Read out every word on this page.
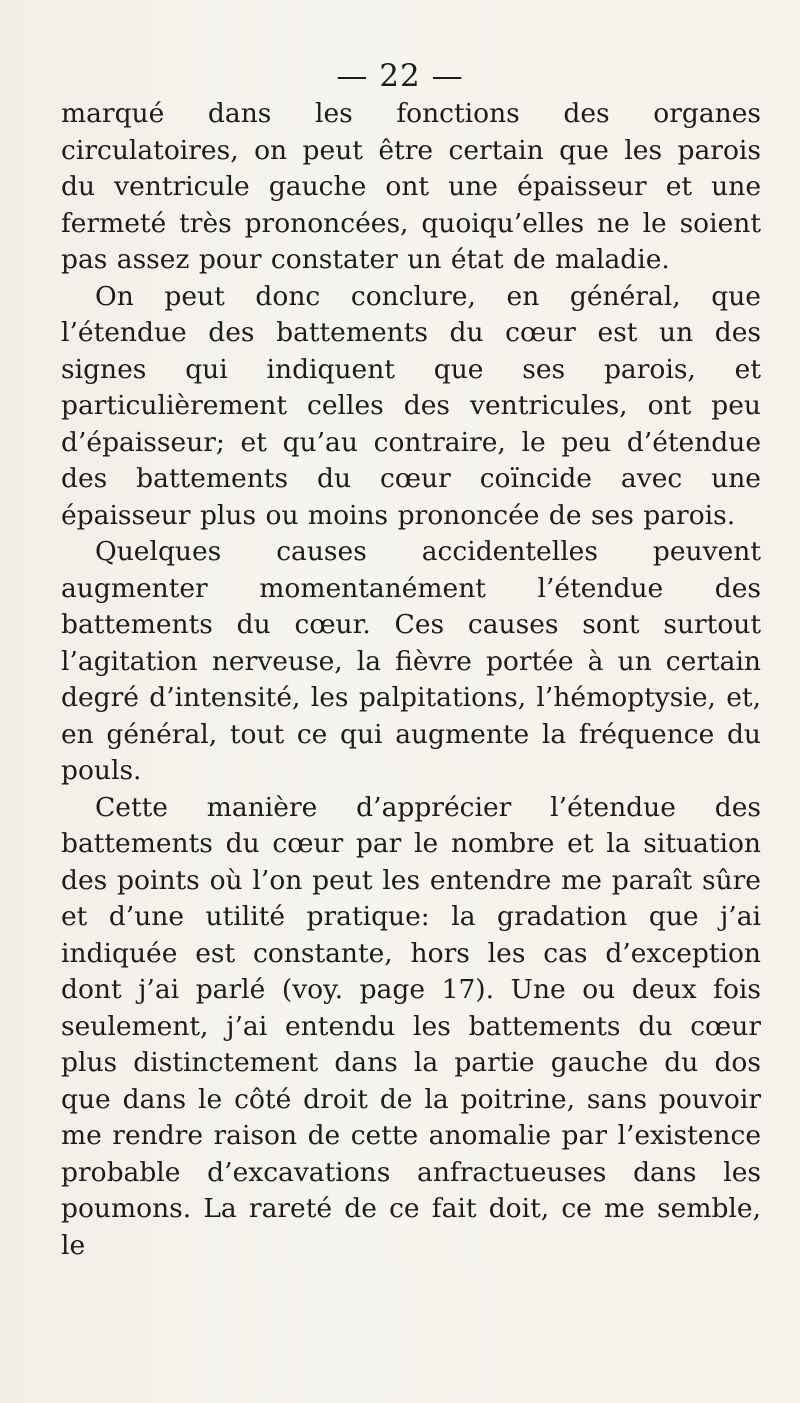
— 22 —

marqué dans les fonctions des organes circulatoires, on peut être certain que les parois du ventricule gauche ont une épaisseur et une fermeté très prononcées, quoiqu’elles ne le soient pas assez pour constater un état de maladie.

On peut donc conclure, en général, que l’étendue des battements du cœur est un des signes qui indiquent que ses parois, et particulièrement celles des ventricules, ont peu d’épaisseur; et qu’au contraire, le peu d’étendue des battements du cœur coïncide avec une épaisseur plus ou moins prononcée de ses parois.

Quelques causes accidentelles peuvent augmenter momentanément l’étendue des battements du cœur. Ces causes sont surtout l’agitation nerveuse, la fièvre portée à un certain degré d’intensité, les palpitations, l’hémoptysie, et, en général, tout ce qui augmente la fréquence du pouls.

Cette manière d’apprécier l’étendue des battements du cœur par le nombre et la situation des points où l’on peut les entendre me paraît sûre et d’une utilité pratique: la gradation que j’ai indiquée est constante, hors les cas d’exception dont j’ai parlé (voy. page 17). Une ou deux fois seulement, j’ai entendu les battements du cœur plus distinctement dans la partie gauche du dos que dans le côté droit de la poitrine, sans pouvoir me rendre raison de cette anomalie par l’existence probable d’excavations anfractueuses dans les poumons. La rareté de ce fait doit, ce me semble, le
